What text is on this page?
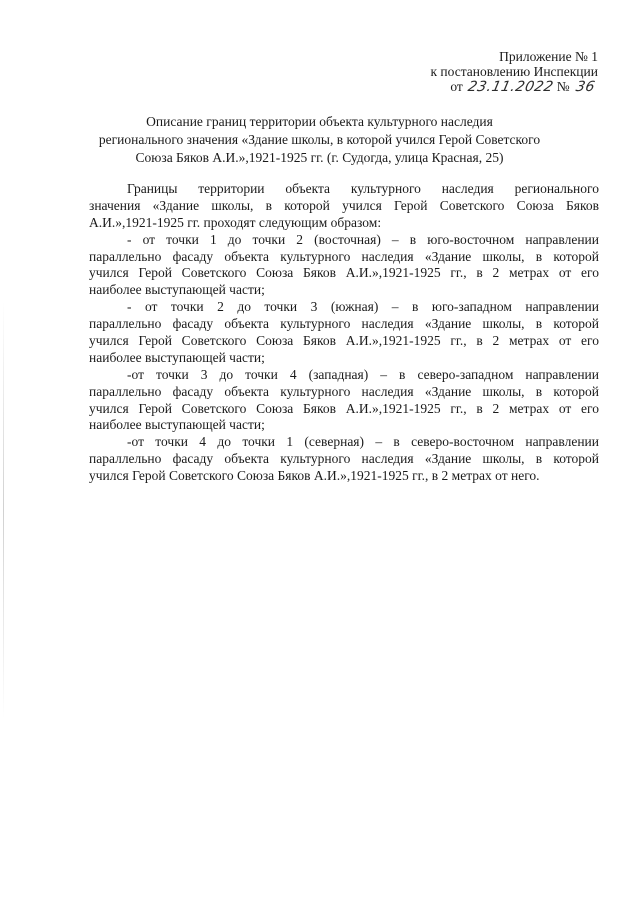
Приложение № 1
к постановлению Инспекции
от 23.11.2022 № 36
Описание границ территории объекта культурного наследия
регионального значения «Здание школы, в которой учился Герой Советского
Союза Бяков А.И.»,1921-1925 гг. (г. Судогда, улица Красная, 25)
Границы территории объекта культурного наследия регионального
значения «Здание школы, в которой учился Герой Советского Союза Бяков
А.И.»,1921-1925 гг. проходят следующим образом:
- от точки 1 до точки 2 (восточная) – в юго-восточном направлении
параллельно фасаду объекта культурного наследия «Здание школы, в которой
учился Герой Советского Союза Бяков А.И.»,1921-1925 гг., в 2 метрах от его
наиболее выступающей части;
- от точки 2 до точки 3 (южная) – в юго-западном направлении
параллельно фасаду объекта культурного наследия «Здание школы, в которой
учился Герой Советского Союза Бяков А.И.»,1921-1925 гг., в 2 метрах от его
наиболее выступающей части;
-от точки 3 до точки 4 (западная) – в северо-западном направлении
параллельно фасаду объекта культурного наследия «Здание школы, в которой
учился Герой Советского Союза Бяков А.И.»,1921-1925 гг., в 2 метрах от его
наиболее выступающей части;
-от точки 4 до точки 1 (северная) – в северо-восточном направлении
параллельно фасаду объекта культурного наследия «Здание школы, в которой
учился Герой Советского Союза Бяков А.И.»,1921-1925 гг., в 2 метрах от него.
